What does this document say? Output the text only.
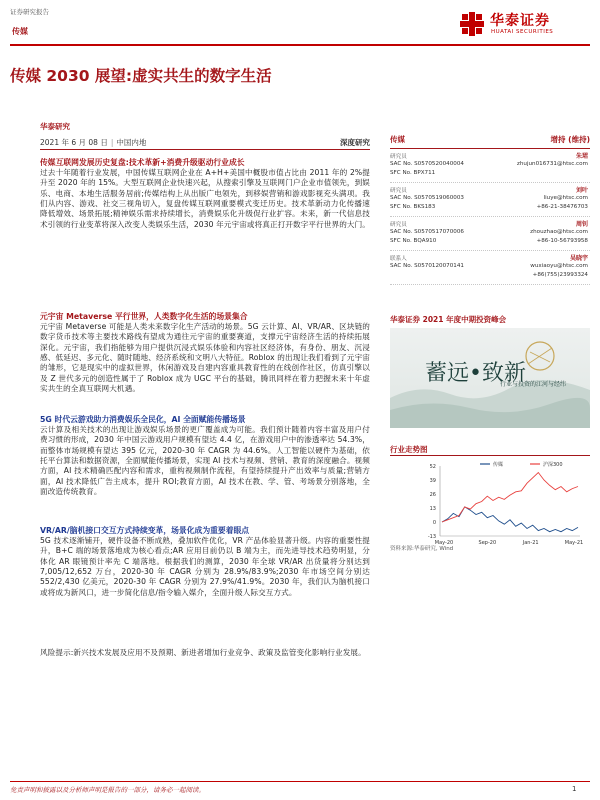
证券研究报告
传媒
华泰证券
HUATAI SECURITIES
传媒 2030 展望:虚实共生的数字生活
华泰研究
2021 年 6 月 08 日 | 中国内地	深度研究
传媒互联网发展历史复盘:技术革新+消费升级驱动行业成长
过去十年随着行业发展，中国传媒互联网企业在 A+H+美国中概股市值占比由 2011 年的 2%提升至 2020 年的 15%。大型互联网企业快速兴起，从搜索引擎及互联网门户企业市值领先，到娱乐、电商、本地生活服务居前;传媒结构上从出版广电领先，到移娱营销和游戏影视充头满项。我们从内容、游戏、社交三视角切入，复盘传媒互联网重要模式变迁历史。技术革新动力化传播速降低增效、场景拓展;精神娱乐需求持续增长，消费娱乐化升级促行业扩容。未来，新一代信息技术引领的行业变革将深入改变人类娱乐生活，2030 年元宇宙或将真正打开数字平行世界的大门。
元宇宙 Metaverse 平行世界，人类数字化生活的场景集合
元宇宙 Metaverse 可能是人类未来数字化生产活动的场景。5G 云计算、AI、VR/AR、区块链的数字货币技术等主要技术路线有望成为通往元宇宙的重要赛道，支撑元宇宙经济生活的持续拓展深化。元宇宙，我们指能够为用户提供沉浸式娱乐体验和内容社区经济体，有身份、朋友、沉浸感、低延迟、多元化、随时随地、经济系统和文明八大特征。Roblox 的出现让我们看到了元宇宙的雏形，它是现实中的虚拟世界，休闲游戏及自建内容重具教育性的在线创作社区，仿真引擎以及 Z 世代多元的创造性属于了 Roblox 成为 UGC 平台的基础，腾讯同样在着力把握未来十年虚实共生的全真互联网大机遇。
5G 时代云游戏助力消费娱乐全民化，AI 全面赋能传播场景
云计算及相关技术的出现让游戏娱乐场景的更广覆盖成为可能。我们预计随着内容丰富及用户付费习惯的形成，2030 年中国云游戏用户规模有望达 4.4 亿，在游戏用户中的渗透率达 54.3%，而整体市场规模有望达 395 亿元，2020-30 年 CAGR 为 44.6%。人工智能以硬件为基础，依托平台算法和数据资源，全面赋能传播场景，实现 AI 技术与视频、营销、教育的深度融合。视频方面，AI 技术精确匹配内容和需求，重构视频制作流程，有望持续提升产出效率与质量;营销方面，AI 技术降低广告主成本，提升 ROI;教育方面，AI 技术在教、学、管、考场景分别落地，全面改造传统教育。
VR/AR/脑机接口交互方式持续变革，场景化成为重要着眼点
5G 技术逐渐铺开，硬件设备不断成熟，叠加软件优化，VR 产品体验显著升级。内容的重要性提升，B+C 端的场景落地成为核心看点;AR 应用目前仍以 B 端为主，而先进导技术趋势明显，分体化 AR 眼镜预计率先 C 端落地。根据我们的测算，2030 年全球 VR/AR 出货量将分别达到 7,005/12,652 万台，2020-30 年 CAGR 分别为 28.9%/83.9%;2030 年市场空间分别达 552/2,430 亿美元，2020-30 年 CAGR 分别为 27.9%/41.9%。2030 年，我们认为脑机接口或将成为新风口，进一步简化信息/指令输入媒介，全面升级人际交互方式。
风险提示:新兴技术发展及应用不及预期、新进者增加行业竞争、政策及监管变化影响行业发展。
传媒	增持 (维持)
研究员	朱珺
SAC No. S0570520040004
SFC No. BPX711
zhujun016731@htsc.com
研究员	刘叶
SAC No. S0570519060003
SFC No. BKS183
liuye@htsc.com
+86-21-38476703
研究员	周钊
SAC No. S0570517070006
SFC No. BQA910
zhouzhao@htsc.com
+86-10-56793958
联系人	吴晓宇
SAC No. S0570120070141	wuxiaoyu@htsc.com
+86(755)23993324
华泰证券 2021 年度中期投资峰会
蓄远•致新
行业与投资的江河与经纬
行业走势图
传媒	沪深300
52
39
26
13
0
-13
May-20	Sep-20	Jan-21	May-21
资料来源:华泰研究, Wind
免责声明和披露以及分析师声明是报告的一部分，请务必一起阅读。	1
